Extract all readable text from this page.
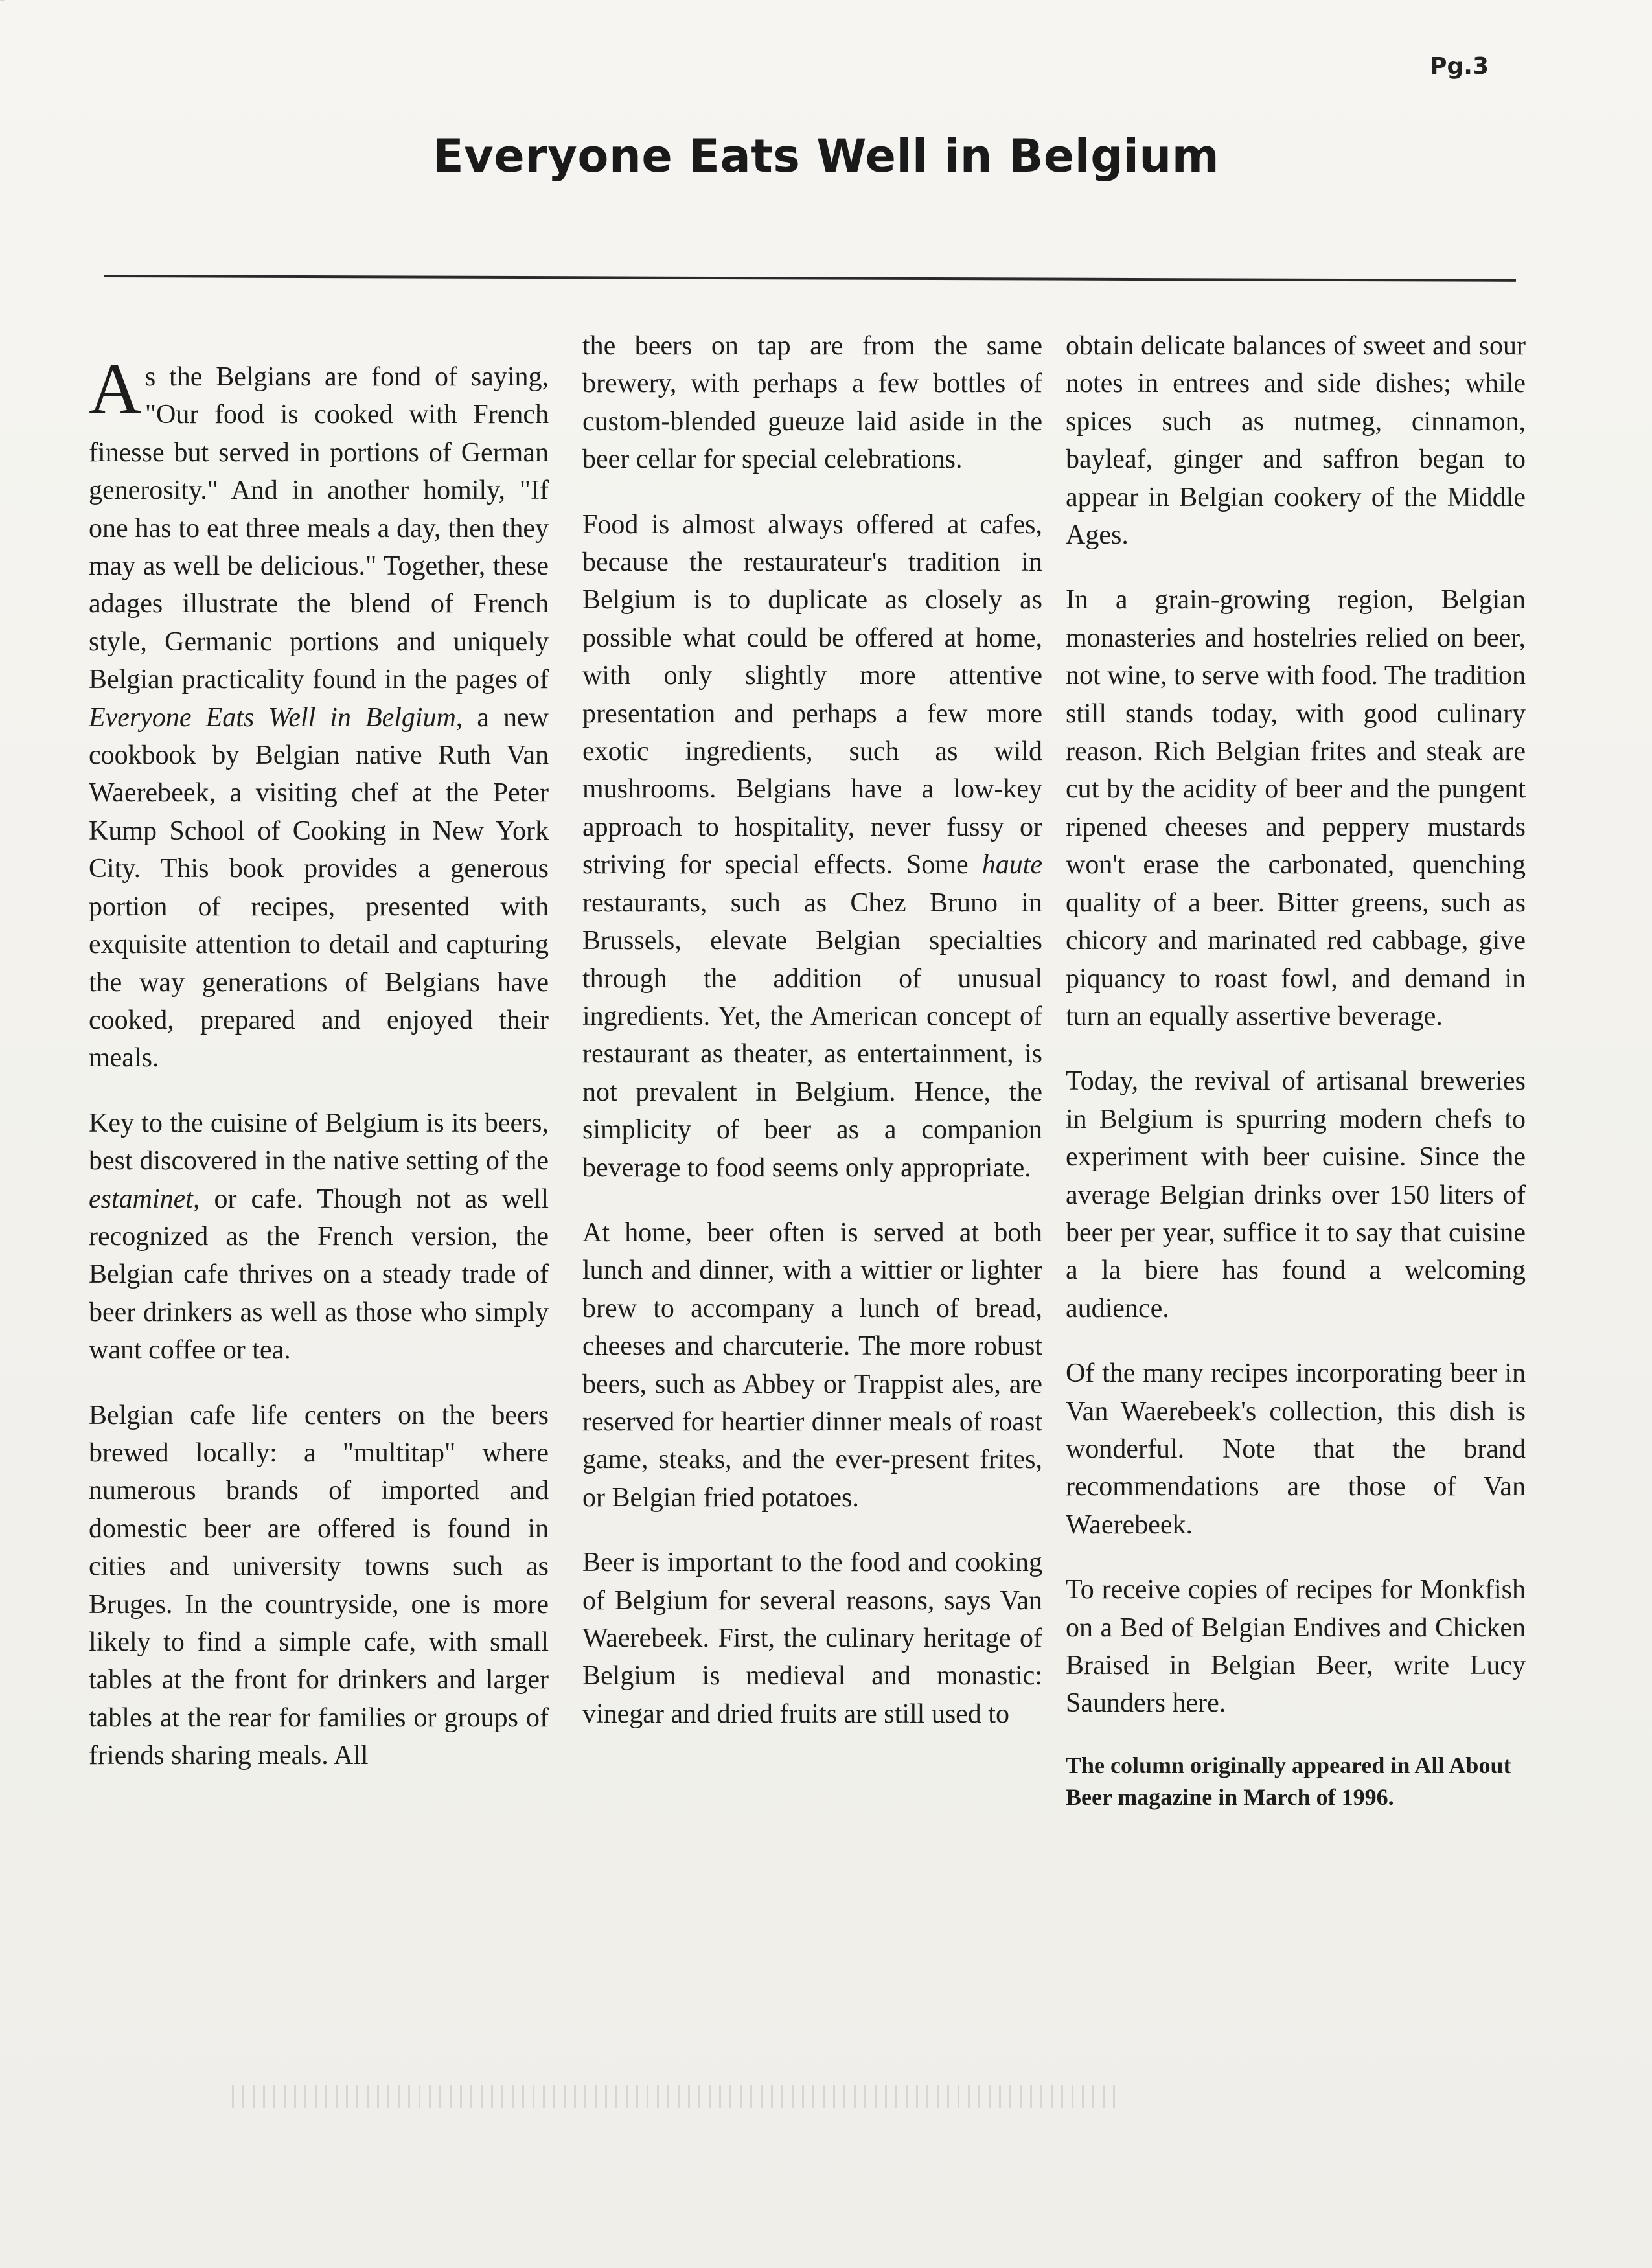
Pg.3
Everyone Eats Well in Belgium

As the Belgians are fond of saying, "Our food is cooked with French finesse but served in portions of German generosity." And in another homily, "If one has to eat three meals a day, then they may as well be delicious." Together, these adages illustrate the blend of French style, Germanic portions and uniquely Belgian practicality found in the pages of Everyone Eats Well in Belgium, a new cookbook by Belgian native Ruth Van Waerebeek, a visiting chef at the Peter Kump School of Cooking in New York City. This book provides a generous portion of recipes, presented with exquisite attention to detail and capturing the way generations of Belgians have cooked, prepared and enjoyed their meals.

Key to the cuisine of Belgium is its beers, best discovered in the native setting of the estaminet, or cafe. Though not as well recognized as the French version, the Belgian cafe thrives on a steady trade of beer drinkers as well as those who simply want coffee or tea.

Belgian cafe life centers on the beers brewed locally: a "multitap" where numerous brands of imported and domestic beer are offered is found in cities and university towns such as Bruges. In the countryside, one is more likely to find a simple cafe, with small tables at the front for drinkers and larger tables at the rear for families or groups of friends sharing meals. All

the beers on tap are from the same brewery, with perhaps a few bottles of custom-blended gueuze laid aside in the beer cellar for special celebrations.

Food is almost always offered at cafes, because the restaurateur's tradition in Belgium is to duplicate as closely as possible what could be offered at home, with only slightly more attentive presentation and perhaps a few more exotic ingredients, such as wild mushrooms. Belgians have a low-key approach to hospitality, never fussy or striving for special effects. Some haute restaurants, such as Chez Bruno in Brussels, elevate Belgian specialties through the addition of unusual ingredients. Yet, the American concept of restaurant as theater, as entertainment, is not prevalent in Belgium. Hence, the simplicity of beer as a companion beverage to food seems only appropriate.

At home, beer often is served at both lunch and dinner, with a wittier or lighter brew to accompany a lunch of bread, cheeses and charcuterie. The more robust beers, such as Abbey or Trappist ales, are reserved for heartier dinner meals of roast game, steaks, and the ever-present frites, or Belgian fried potatoes.

Beer is important to the food and cooking of Belgium for several reasons, says Van Waerebeek. First, the culinary heritage of Belgium is medieval and monastic: vinegar and dried fruits are still used to

obtain delicate balances of sweet and sour notes in entrees and side dishes; while spices such as nutmeg, cinnamon, bayleaf, ginger and saffron began to appear in Belgian cookery of the Middle Ages.

In a grain-growing region, Belgian monasteries and hostelries relied on beer, not wine, to serve with food. The tradition still stands today, with good culinary reason. Rich Belgian frites and steak are cut by the acidity of beer and the pungent ripened cheeses and peppery mustards won't erase the carbonated, quenching quality of a beer. Bitter greens, such as chicory and marinated red cabbage, give piquancy to roast fowl, and demand in turn an equally assertive beverage.

Today, the revival of artisanal breweries in Belgium is spurring modern chefs to experiment with beer cuisine. Since the average Belgian drinks over 150 liters of beer per year, suffice it to say that cuisine a la biere has found a welcoming audience.

Of the many recipes incorporating beer in Van Waerebeek's collection, this dish is wonderful. Note that the brand recommendations are those of Van Waerebeek.

To receive copies of recipes for Monkfish on a Bed of Belgian Endives and Chicken Braised in Belgian Beer, write Lucy Saunders here.

The column originally appeared in All About Beer magazine in March of 1996.
